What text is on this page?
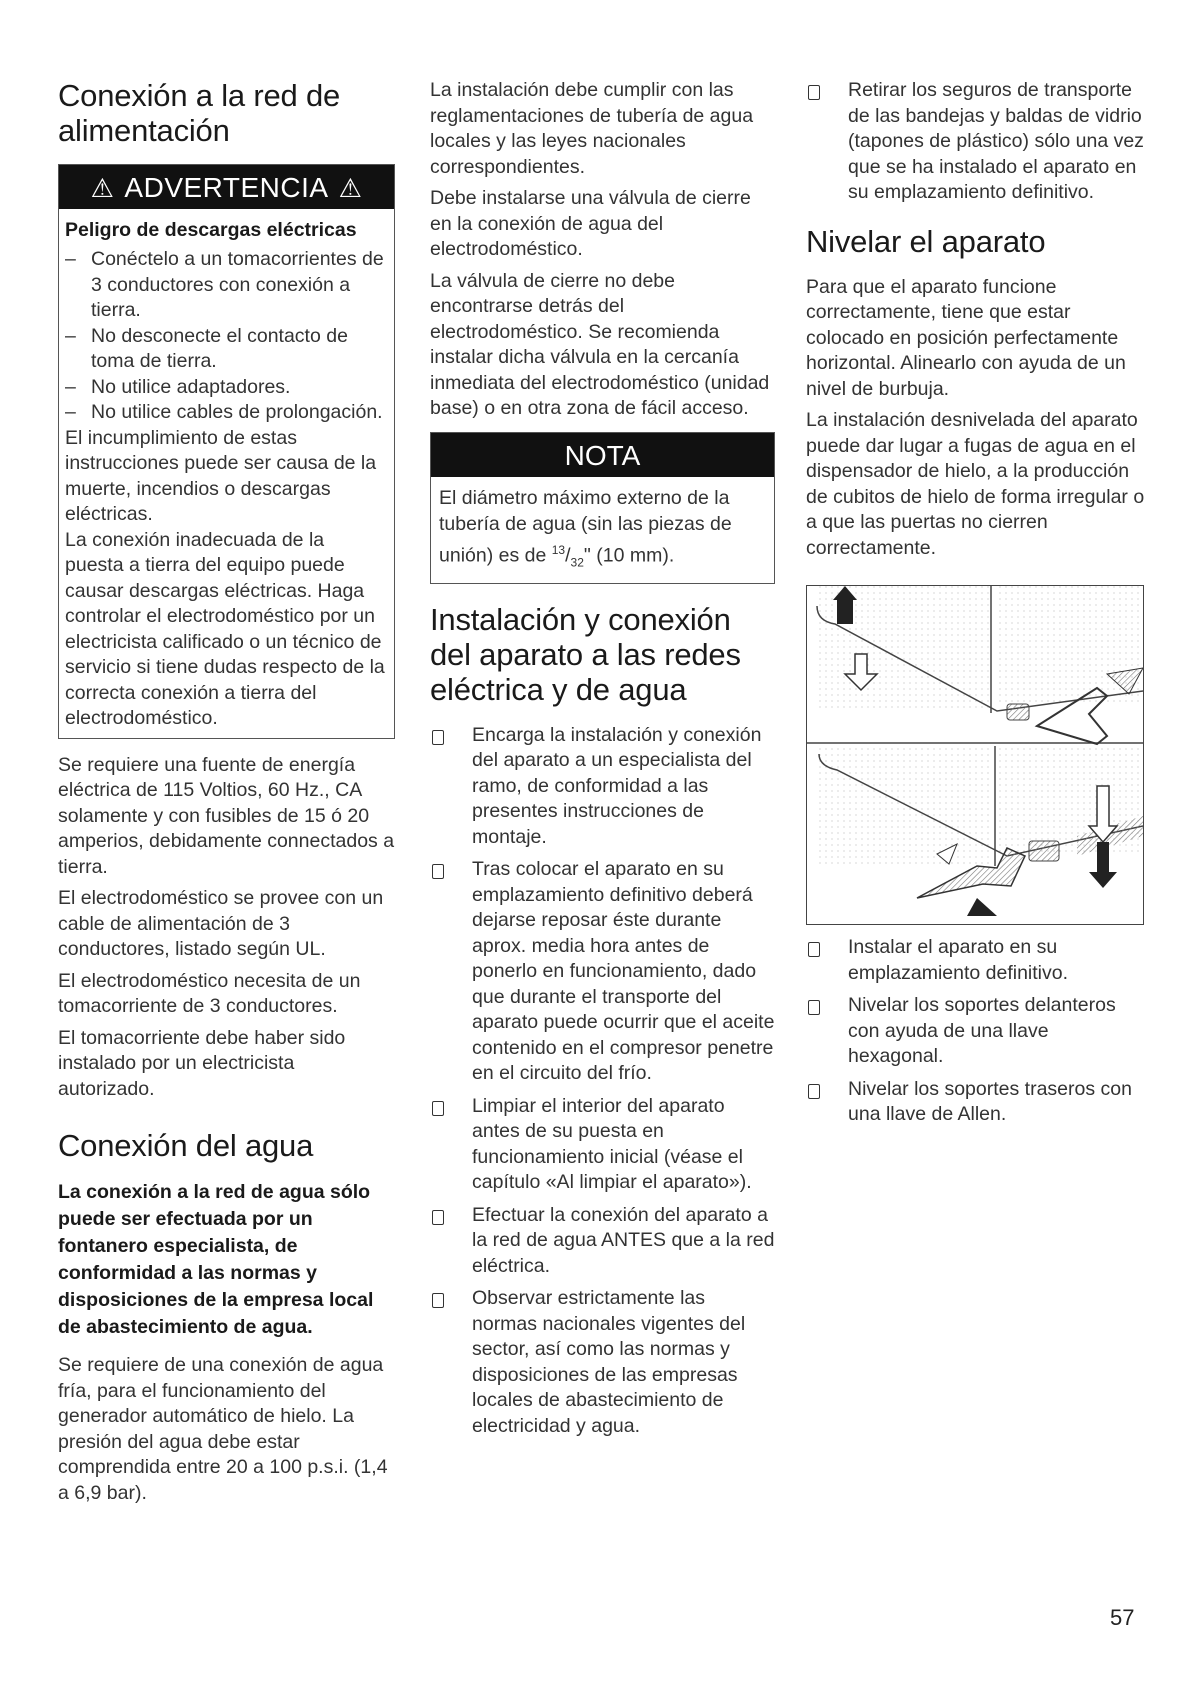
Conexión a la red de alimentación
⚠ ADVERTENCIA ⚠
Peligro de descargas eléctricas
– Conéctelo a un tomacorrientes de 3 conductores con conexión a tierra.
– No desconecte el contacto de toma de tierra.
– No utilice adaptadores.
– No utilice cables de prolongación.

El incumplimiento de estas instrucciones puede ser causa de la muerte, incendios o descargas eléctricas.

La conexión inadecuada de la puesta a tierra del equipo puede causar descargas eléctricas. Haga controlar el electrodoméstico por un electricista calificado o un técnico de servicio si tiene dudas respecto de la correcta conexión a tierra del electrodoméstico.

Se requiere una fuente de energía eléctrica de 115 Voltios, 60 Hz., CA solamente y con fusibles de 15 ó 20 amperios, debidamente connectados a tierra.

El electrodoméstico se provee con un cable de alimentación de 3 conductores, listado según UL.

El electrodoméstico necesita de un tomacorriente de 3 conductores.

El tomacorriente debe haber sido instalado por un electricista autorizado.

Conexión del agua

La conexión a la red de agua sólo puede ser efectuada por un fontanero especialista, de conformidad a las normas y disposiciones de la empresa local de abastecimiento de agua.

Se requiere de una conexión de agua fría, para el funcionamiento del generador automático de hielo. La presión del agua debe estar comprendida entre 20 a 100 p.s.i. (1,4 a 6,9 bar).

La instalación debe cumplir con las reglamentaciones de tubería de agua locales y las leyes nacionales correspondientes.

Debe instalarse una válvula de cierre en la conexión de agua del electrodoméstico.

La válvula de cierre no debe encontrarse detrás del electrodoméstico. Se recomienda instalar dicha válvula en la cercanía inmediata del electrodoméstico (unidad base) o en otra zona de fácil acceso.

NOTA
El diámetro máximo externo de la tubería de agua (sin las piezas de unión) es de $^{13}/_{32}$" (10 mm).
Instalación y conexión del aparato a las redes eléctrica y de agua
Encarga la instalación y conexión del aparato a un especialista del ramo, de conformidad a las presentes instrucciones de montaje.
Tras colocar el aparato en su emplazamiento definitivo deberá dejarse reposar éste durante aprox. media hora antes de ponerlo en funcionamiento, dado que durante el transporte del aparato puede ocurrir que el aceite contenido en el compresor penetre en el circuito del frío.
Limpiar el interior del aparato antes de su puesta en funcionamiento inicial (véase el capítulo «Al limpiar el aparato»).
Efectuar la conexión del aparato a la red de agua ANTES que a la red eléctrica.
Observar estrictamente las normas nacionales vigentes del sector, así como las normas y disposiciones de las empresas locales de abastecimiento de electricidad y agua.
Retirar los seguros de transporte de las bandejas y baldas de vidrio (tapones de plástico) sólo una vez que se ha instalado el aparato en su emplazamiento definitivo.
Nivelar el aparato

Para que el aparato funcione correctamente, tiene que estar colocado en posición perfectamente horizontal. Alinearlo con ayuda de un nivel de burbuja.

La instalación desnivelada del aparato puede dar lugar a fugas de agua en el dispensador de hielo, a la producción de cubitos de hielo de forma irregular o a que las puertas no cierren correctamente.

Instalar el aparato en su emplazamiento definitivo.
Nivelar los soportes delanteros con ayuda de una llave hexagonal.
Nivelar los soportes traseros con una llave de Allen.
57
